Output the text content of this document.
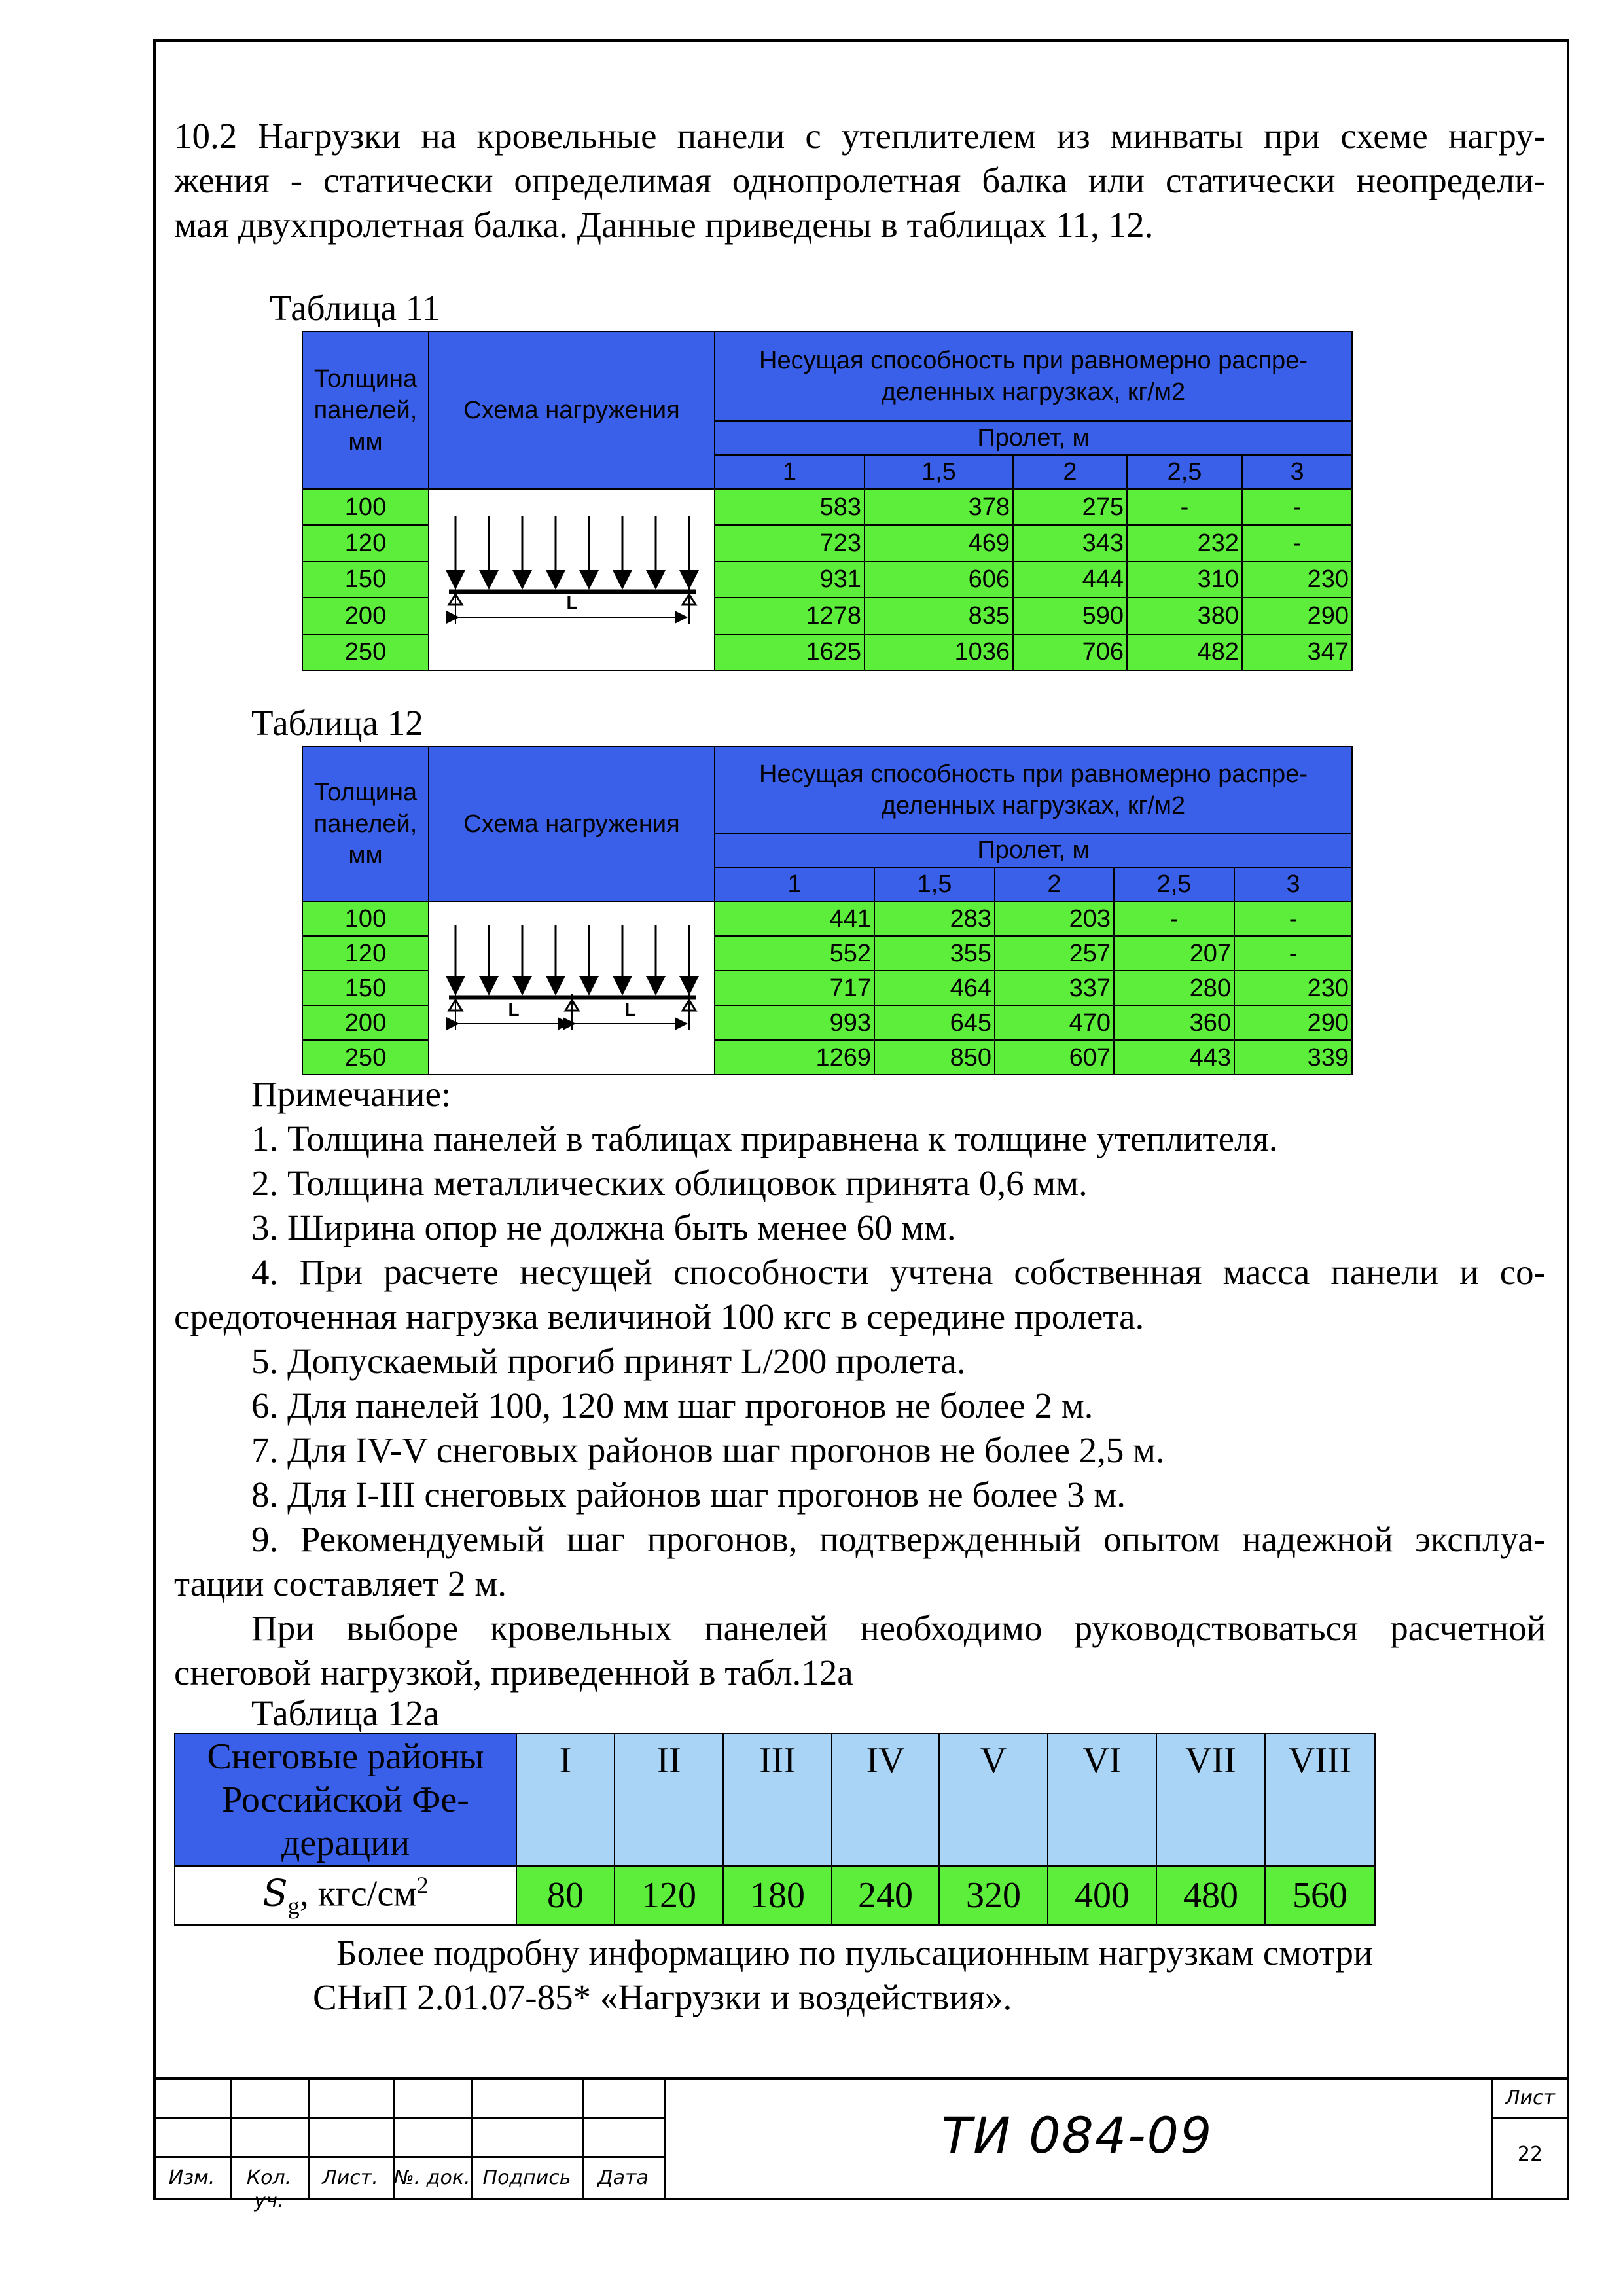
10.2 Нагрузки на кровельные панели с утеплителем из минваты при схеме нагру-

жения - статически определимая однопролетная балка или статически неопредели-

мая двухпролетная балка. Данные приведены в таблицах 11, 12.

Таблица 11
Толщина
панелей,
мм	Схема нагружения	Несущая способность при равномерно распре-
деленных нагрузках, кг/м2				

		Пролет, м				
		1	1,5	2	2,5	3
100	L	583	378	275	-	-
120		723	469	343	232	-
150		931	606	444	310	230
200		1278	835	590	380	290
250		1625	1036	706	482	347
Таблица 12
Толщина
панелей,
мм	Схема нагружения	Несущая способность при равномерно распре-
деленных нагрузках, кг/м2				

		Пролет, м				
		1	1,5	2	2,5	3
100	L L	441	283	203	-	-
120		552	355	257	207	-
150		717	464	337	280	230
200		993	645	470	360	290
250		1269	850	607	443	339

Примечание:

1. Толщина панелей в таблицах приравнена к толщине утеплителя.

2. Толщина металлических облицовок принята 0,6 мм.

3. Ширина опор не должна быть менее 60 мм.

4. При расчете несущей способности учтена собственная масса панели и со-

средоточенная нагрузка величиной 100 кгс в середине пролета.

5. Допускаемый прогиб принят L/200 пролета.

6. Для панелей 100, 120 мм шаг прогонов не более 2 м.

7. Для IV-V снеговых районов шаг прогонов не более 2,5 м.

8. Для I-III снеговых районов шаг прогонов не более 3 м.

9. Рекомендуемый шаг прогонов, подтвержденный опытом надежной эксплуа-

тации составляет 2 м.

При выборе кровельных панелей необходимо руководствоваться расчетной

снеговой нагрузкой, приведенной в табл.12а

Таблица 12а
Снеговые районы
Российской Фе-
дерации	I	II	III	IV	V	VI	VII	VIII
$S_g$, кгс/$см^2$	80	120	180	240	320	400	480	560

Более подробну информацию по пульсационным нагрузкам смотри

СНиП 2.01.07-85* «Нагрузки и воздействия».

Изм.	Кол. уч.
Лист. №. док. Подпись	Дата
ТИ 084-09
Лист
22
